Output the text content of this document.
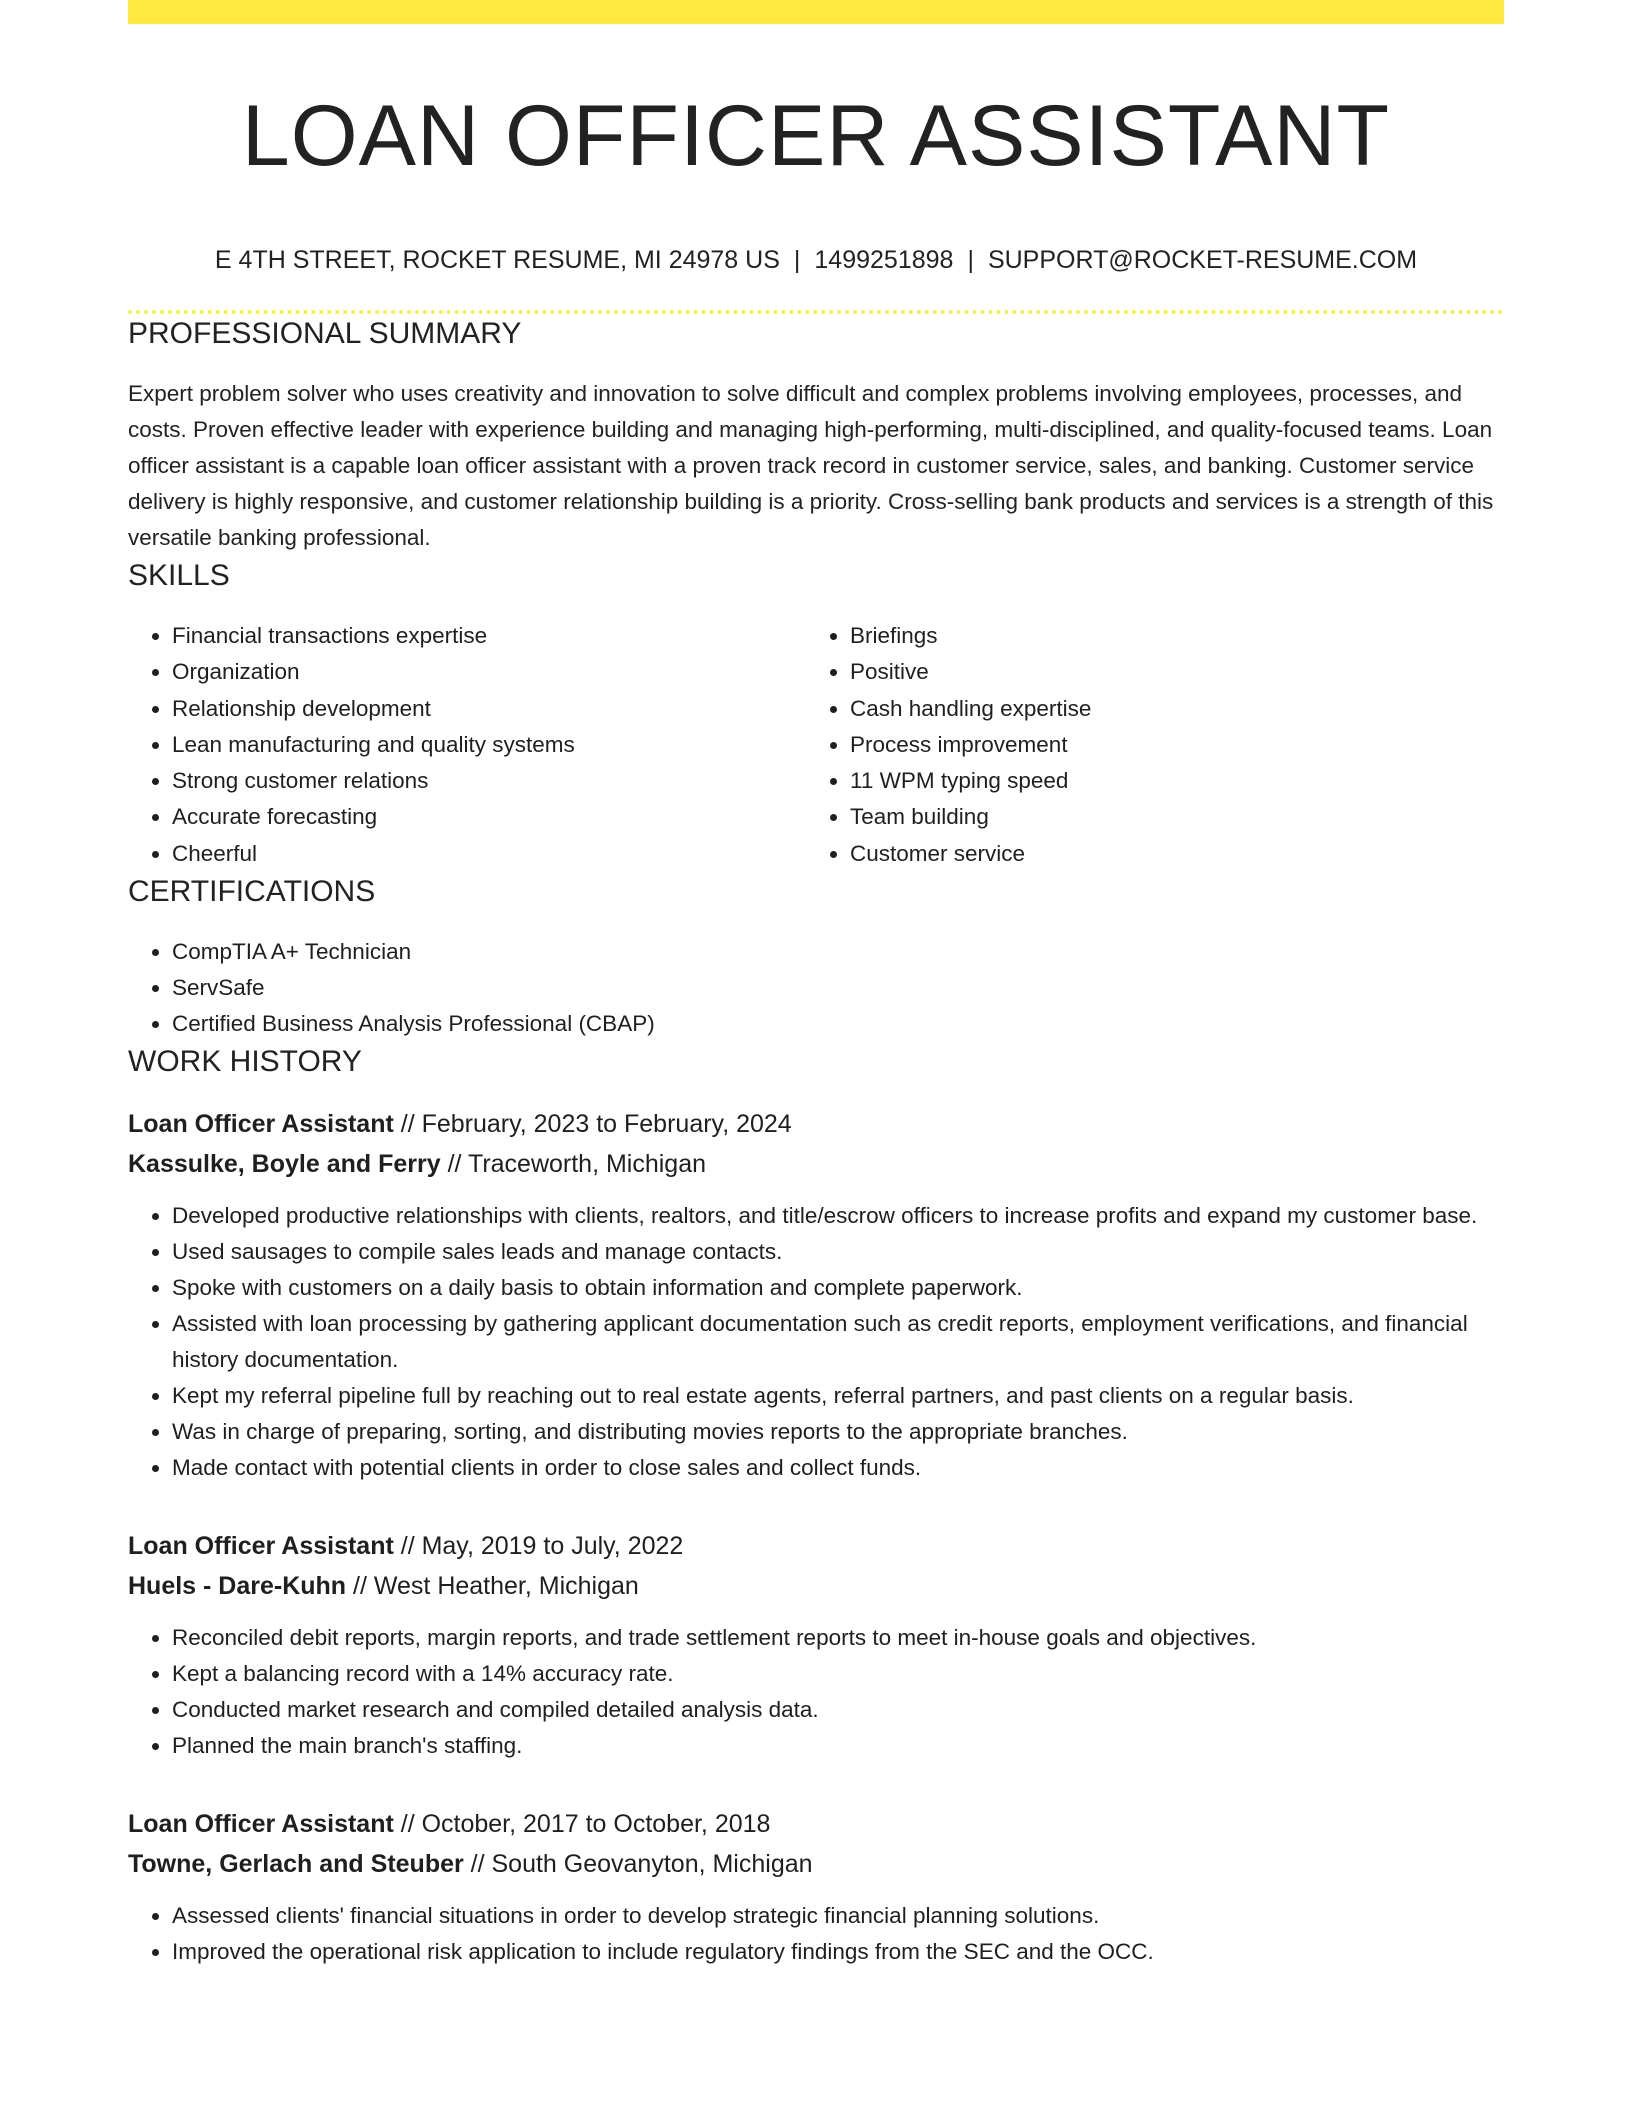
LOAN OFFICER ASSISTANT
E 4TH STREET, ROCKET RESUME, MI 24978 US | 1499251898 | SUPPORT@ROCKET-RESUME.COM
PROFESSIONAL SUMMARY
Expert problem solver who uses creativity and innovation to solve difficult and complex problems involving employees, processes, and costs. Proven effective leader with experience building and managing high-performing, multi-disciplined, and quality-focused teams. Loan officer assistant is a capable loan officer assistant with a proven track record in customer service, sales, and banking. Customer service delivery is highly responsive, and customer relationship building is a priority. Cross-selling bank products and services is a strength of this versatile banking professional.
SKILLS
• Financial transactions expertise
• Organization
• Relationship development
• Lean manufacturing and quality systems
• Strong customer relations
• Accurate forecasting
• Cheerful
• Briefings
• Positive
• Cash handling expertise
• Process improvement
• 11 WPM typing speed
• Team building
• Customer service
CERTIFICATIONS
• CompTIA A+ Technician
• ServSafe
• Certified Business Analysis Professional (CBAP)
WORK HISTORY
Loan Officer Assistant // February, 2023 to February, 2024
Kassulke, Boyle and Ferry // Traceworth, Michigan
• Developed productive relationships with clients, realtors, and title/escrow officers to increase profits and expand my customer base.
• Used sausages to compile sales leads and manage contacts.
• Spoke with customers on a daily basis to obtain information and complete paperwork.
• Assisted with loan processing by gathering applicant documentation such as credit reports, employment verifications, and financial history documentation.
• Kept my referral pipeline full by reaching out to real estate agents, referral partners, and past clients on a regular basis.
• Was in charge of preparing, sorting, and distributing movies reports to the appropriate branches.
• Made contact with potential clients in order to close sales and collect funds.
Loan Officer Assistant // May, 2019 to July, 2022
Huels - Dare-Kuhn // West Heather, Michigan
• Reconciled debit reports, margin reports, and trade settlement reports to meet in-house goals and objectives.
• Kept a balancing record with a 14% accuracy rate.
• Conducted market research and compiled detailed analysis data.
• Planned the main branch's staffing.
Loan Officer Assistant // October, 2017 to October, 2018
Towne, Gerlach and Steuber // South Geovanyton, Michigan
• Assessed clients' financial situations in order to develop strategic financial planning solutions.
• Improved the operational risk application to include regulatory findings from the SEC and the OCC.
